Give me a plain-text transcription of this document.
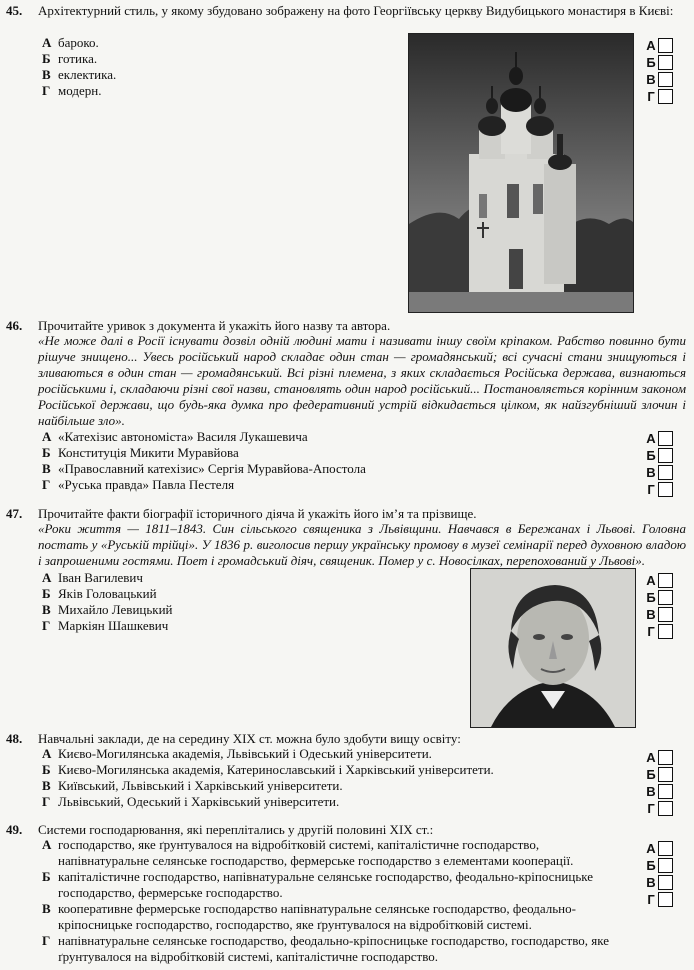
45. Архітектурний стиль, у якому збудовано зображену на фото Георгіївську церкву Видубицького монастиря в Києві:
А бароко.
Б готика.
В еклектика.
Г модерн.
А
Б
В
Г
46. Прочитайте уривок з документа й укажіть його назву та автора.
«Не може далі в Росії існувати дозвіл одній людині мати і називати іншу своїм кріпаком. Рабство повинно бути рішуче знищено... Увесь російський народ складає один стан — громадянський; всі сучасні стани знищуються і зливаються в один стан — громадянський. Всі різні племена, з яких складається Російська держава, визнаються російськими і, складаючи різні свої назви, становлять один народ російський... Постановляється корінним законом Російської держави, що будь-яка думка про федеративний устрій відкидається цілком, як найзгубніший злочин і найбільше зло».
А «Катехізис автономіста» Василя Лукашевича
Б Конституція Микити Муравйова
В «Православний катехізис» Сергія Муравйова-Апостола
Г «Руська правда» Павла Пестеля
А
Б
В
Г
47. Прочитайте факти біографії історичного діяча й укажіть його ім’я та прізвище.
«Роки життя — 1811–1843. Син сільського священика з Львівщини. Навчався в Бережанах і Львові. Головна постать у «Руській трійці». У 1836 р. виголосив першу українську промову в музеї семінарії перед духовною владою і запрошеними гостями. Поет і громадський діяч, священик. Помер у с. Новосілках, перепохований у Львові».
А Іван Вагилевич
Б Яків Головацький
В Михайло Левицький
Г Маркіян Шашкевич
А
Б
В
Г
48. Навчальні заклади, де на середину XIX ст. можна було здобути вищу освіту:
А Києво-Могилянська академія, Львівський і Одеський університети.
Б Києво-Могилянська академія, Катеринославський і Харківський університети.
В Київський, Львівський і Харківський університети.
Г Львівський, Одеський і Харківський університети.
А
Б
В
Г
49. Системи господарювання, які переплітались у другій половині XIX ст.:
А господарство, яке ґрунтувалося на відробітковій системі, капіталістичне господарство, напівнатуральне селянське господарство, фермерське господарство з елементами кооперації.
Б капіталістичне господарство, напівнатуральне селянське господарство, феодально-кріпосницьке господарство, фермерське господарство.
В кооперативне фермерське господарство напівнатуральне селянське господарство, феодально-кріпосницьке господарство, господарство, яке ґрунтувалося на відробітковій системі.
Г напівнатуральне селянське господарство, феодально-кріпосницьке господарство, господарство, яке ґрунтувалося на відробітковій системі, капіталістичне господарство.
А
Б
В
Г
